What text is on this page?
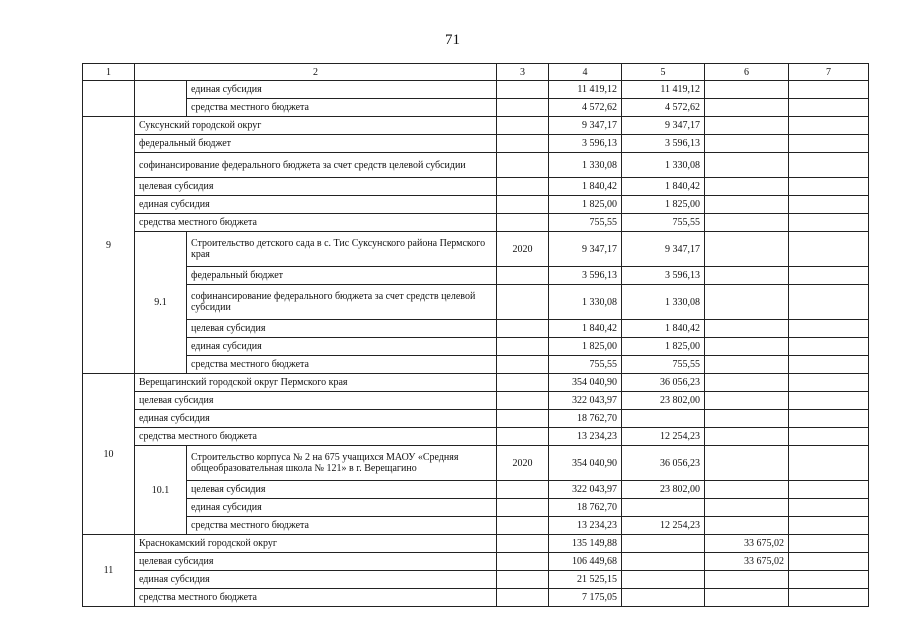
71
1	2		3	4	5	6	7
		единая субсидия		11 419,12	11 419,12		
		средства местного бюджета		4 572,62	4 572,62		
9	Суксунский городской округ			9 347,17	9 347,17		
	федеральный бюджет			3 596,13	3 596,13		
	софинансирование федерального бюджета за счет средств целевой субсидии			1 330,08	1 330,08		
	целевая субсидия			1 840,42	1 840,42		
	единая субсидия			1 825,00	1 825,00		
	средства местного бюджета			755,55	755,55		
	9.1	Строительство детского сада в с. Тис Суксунского района Пермского края	2020	9 347,17	9 347,17		
		федеральный бюджет		3 596,13	3 596,13		
		софинансирование федерального бюджета за счет средств целевой субсидии		1 330,08	1 330,08		
		целевая субсидия		1 840,42	1 840,42		
		единая субсидия		1 825,00	1 825,00		
		средства местного бюджета		755,55	755,55		
10	Верещагинский городской округ Пермского края			354 040,90	36 056,23		
	целевая субсидия			322 043,97	23 802,00		
	единая субсидия			18 762,70			
	средства местного бюджета			13 234,23	12 254,23		
	10.1	Строительство корпуса № 2 на 675 учащихся МАОУ «Средняя общеобразовательная школа № 121» в г. Верещагино	2020	354 040,90	36 056,23		
		целевая субсидия		322 043,97	23 802,00		
		единая субсидия		18 762,70			
		средства местного бюджета		13 234,23	12 254,23		
11	Краснокамский городской округ			135 149,88		33 675,02	
	целевая субсидия			106 449,68		33 675,02	
	единая субсидия			21 525,15			
	средства местного бюджета			7 175,05			
